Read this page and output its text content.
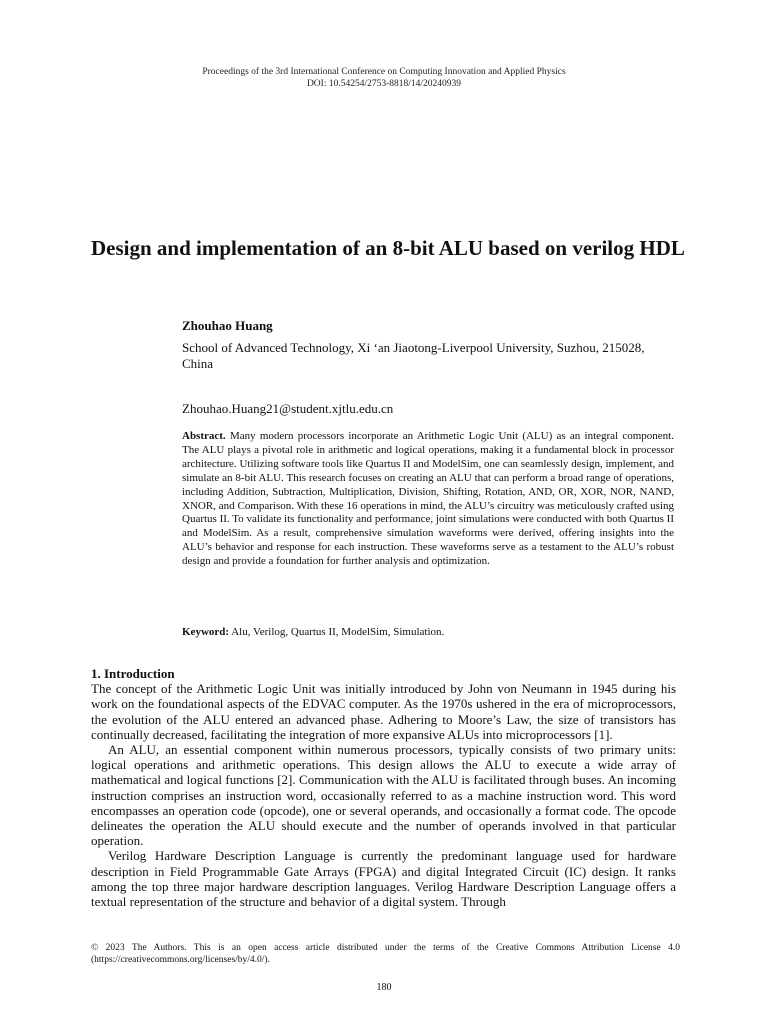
Proceedings of the 3rd International Conference on Computing Innovation and Applied Physics
DOI: 10.54254/2753-8818/14/20240939
Design and implementation of an 8-bit ALU based on verilog HDL
Zhouhao Huang
School of Advanced Technology, Xi ‘an Jiaotong-Liverpool University, Suzhou, 215028, China
Zhouhao.Huang21@student.xjtlu.edu.cn

Abstract. Many modern processors incorporate an Arithmetic Logic Unit (ALU) as an integral component. The ALU plays a pivotal role in arithmetic and logical operations, making it a fundamental block in processor architecture. Utilizing software tools like Quartus II and ModelSim, one can seamlessly design, implement, and simulate an 8-bit ALU. This research focuses on creating an ALU that can perform a broad range of operations, including Addition, Subtraction, Multiplication, Division, Shifting, Rotation, AND, OR, XOR, NOR, NAND, XNOR, and Comparison. With these 16 operations in mind, the ALU’s circuitry was meticulously crafted using Quartus II. To validate its functionality and performance, joint simulations were conducted with both Quartus II and ModelSim. As a result, comprehensive simulation waveforms were derived, offering insights into the ALU’s behavior and response for each instruction. These waveforms serve as a testament to the ALU’s robust design and provide a foundation for further analysis and optimization.

Keyword: Alu, Verilog, Quartus II, ModelSim, Simulation.
1. Introduction

The concept of the Arithmetic Logic Unit was initially introduced by John von Neumann in 1945 during his work on the foundational aspects of the EDVAC computer. As the 1970s ushered in the era of microprocessors, the evolution of the ALU entered an advanced phase. Adhering to Moore’s Law, the size of transistors has continually decreased, facilitating the integration of more expansive ALUs into microprocessors [1].

An ALU, an essential component within numerous processors, typically consists of two primary units: logical operations and arithmetic operations. This design allows the ALU to execute a wide array of mathematical and logical functions [2]. Communication with the ALU is facilitated through buses. An incoming instruction comprises an instruction word, occasionally referred to as a machine instruction word. This word encompasses an operation code (opcode), one or several operands, and occasionally a format code. The opcode delineates the operation the ALU should execute and the number of operands involved in that particular operation.

Verilog Hardware Description Language is currently the predominant language used for hardware description in Field Programmable Gate Arrays (FPGA) and digital Integrated Circuit (IC) design. It ranks among the top three major hardware description languages. Verilog Hardware Description Language offers a textual representation of the structure and behavior of a digital system. Through

© 2023 The Authors. This is an open access article distributed under the terms of the Creative Commons Attribution License 4.0 (https://creativecommons.org/licenses/by/4.0/).
180
